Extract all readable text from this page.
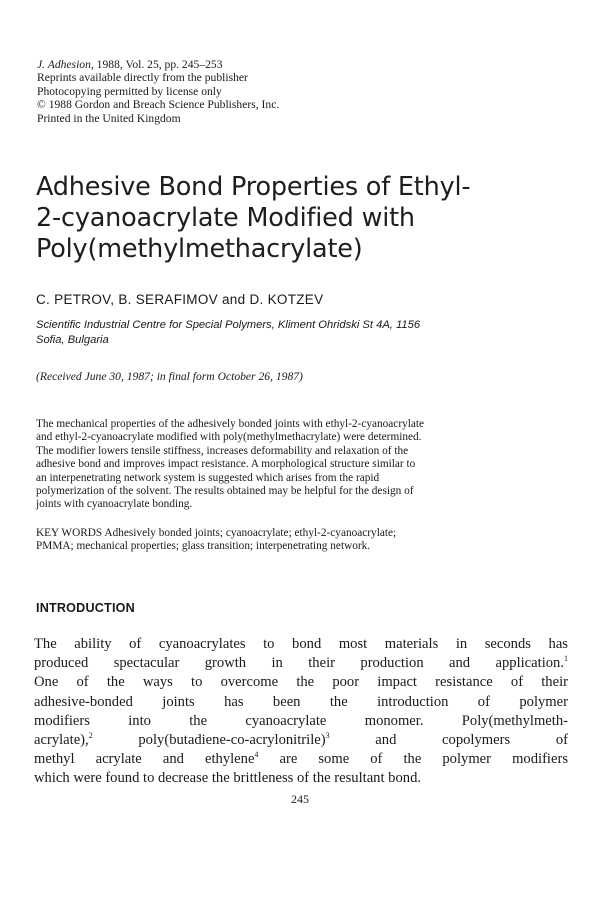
J. Adhesion, 1988, Vol. 25, pp. 245–253
Reprints available directly from the publisher
Photocopying permitted by license only
© 1988 Gordon and Breach Science Publishers, Inc.
Printed in the United Kingdom
Adhesive Bond Properties of Ethyl-
2-cyanoacrylate Modified with
Poly(methylmethacrylate)
C. PETROV, B. SERAFIMOV and D. KOTZEV
Scientific Industrial Centre for Special Polymers, Kliment Ohridski St 4A, 1156
Sofia, Bulgaria
(Received June 30, 1987; in final form October 26, 1987)
The mechanical properties of the adhesively bonded joints with ethyl-2-cyanoacrylate
and ethyl-2-cyanoacrylate modified with poly(methylmethacrylate) were determined.
The modifier lowers tensile stiffness, increases deformability and relaxation of the
adhesive bond and improves impact resistance. A morphological structure similar to
an interpenetrating network system is suggested which arises from the rapid
polymerization of the solvent. The results obtained may be helpful for the design of
joints with cyanoacrylate bonding.
KEY WORDS Adhesively bonded joints; cyanoacrylate; ethyl-2-cyanoacrylate;
PMMA; mechanical properties; glass transition; interpenetrating network.
INTRODUCTION
The ability of cyanoacrylates to bond most materials in seconds has
produced spectacular growth in their production and application.$^1$
One of the ways to overcome the poor impact resistance of their
adhesive-bonded joints has been the introduction of polymer
modifiers into the cyanoacrylate monomer. Poly(methylmeth-
acrylate),$^2$ poly(butadiene-co-acrylonitrile)$^3$ and copolymers of
methyl acrylate and ethylene$^4$ are some of the polymer modifiers
which were found to decrease the brittleness of the resultant bond.
245
